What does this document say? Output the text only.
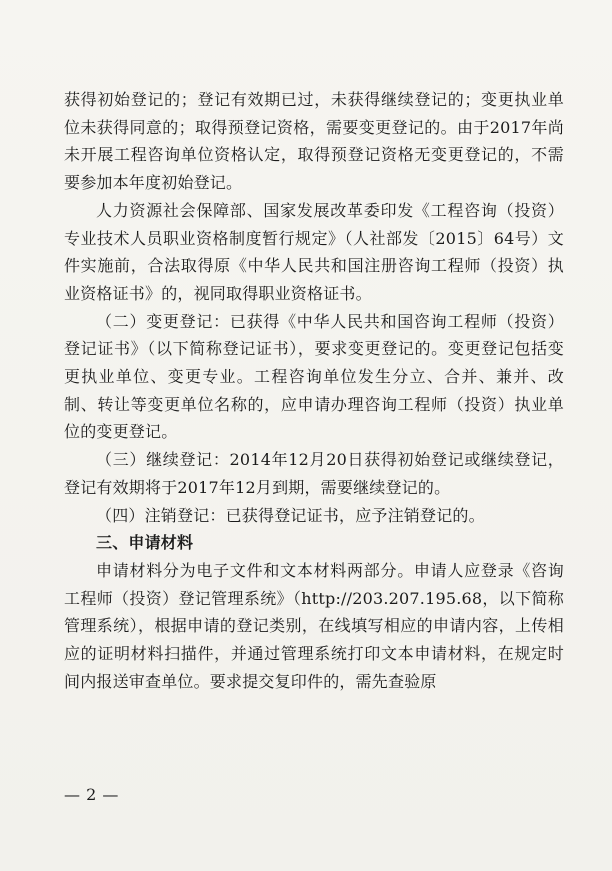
获得初始登记的；登记有效期已过，未获得继续登记的；变更执业单位未获得同意的；取得预登记资格，需要变更登记的。由于2017年尚未开展工程咨询单位资格认定，取得预登记资格无变更登记的，不需要参加本年度初始登记。

人力资源社会保障部、国家发展改革委印发《工程咨询（投资）专业技术人员职业资格制度暂行规定》（人社部发〔2015〕64号）文件实施前，合法取得原《中华人民共和国注册咨询工程师（投资）执业资格证书》的，视同取得职业资格证书。

（二）变更登记：已获得《中华人民共和国咨询工程师（投资）登记证书》（以下简称登记证书），要求变更登记的。变更登记包括变更执业单位、变更专业。工程咨询单位发生分立、合并、兼并、改制、转让等变更单位名称的，应申请办理咨询工程师（投资）执业单位的变更登记。

（三）继续登记：2014年12月20日获得初始登记或继续登记，登记有效期将于2017年12月到期，需要继续登记的。

（四）注销登记：已获得登记证书，应予注销登记的。

三、申请材料

申请材料分为电子文件和文本材料两部分。申请人应登录《咨询工程师（投资）登记管理系统》（http://203.207.195.68，以下简称管理系统），根据申请的登记类别，在线填写相应的申请内容，上传相应的证明材料扫描件，并通过管理系统打印文本申请材料，在规定时间内报送审查单位。要求提交复印件的，需先查验原

— 2 —
